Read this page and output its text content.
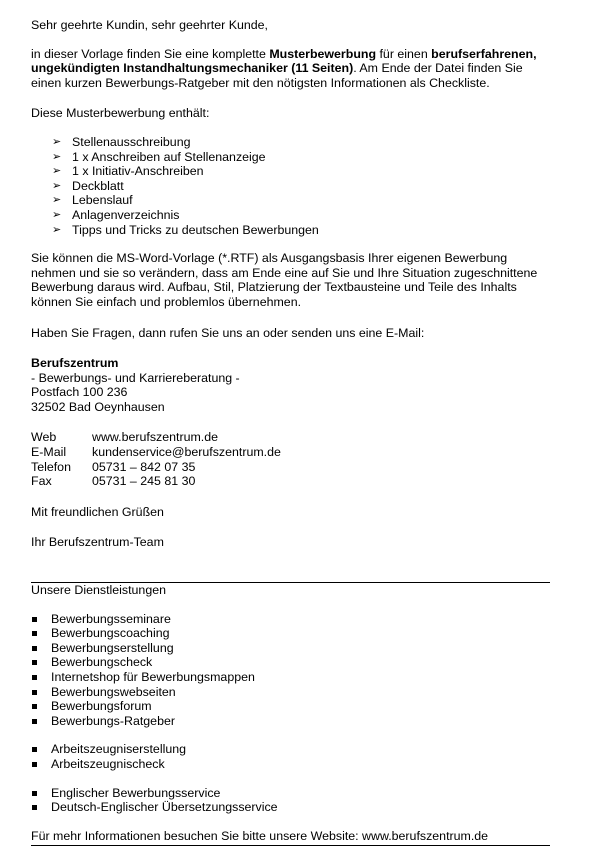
Sehr geehrte Kundin, sehr geehrter Kunde,

in dieser Vorlage finden Sie eine komplette Musterbewerbung für einen berufserfahrenen, ungekündigten Instandhaltungsmechaniker (11 Seiten). Am Ende der Datei finden Sie einen kurzen Bewerbungs-Ratgeber mit den nötigsten Informationen als Checkliste.

Diese Musterbewerbung enthält:

➢ Stellenausschreibung
➢ 1 x Anschreiben auf Stellenanzeige
➢ 1 x Initiativ-Anschreiben
➢ Deckblatt
➢ Lebenslauf
➢ Anlagenverzeichnis
➢ Tipps und Tricks zu deutschen Bewerbungen

Sie können die MS-Word-Vorlage (*.RTF) als Ausgangsbasis Ihrer eigenen Bewerbung nehmen und sie so verändern, dass am Ende eine auf Sie und Ihre Situation zugeschnittene Bewerbung daraus wird. Aufbau, Stil, Platzierung der Textbausteine und Teile des Inhalts können Sie einfach und problemlos übernehmen.

Haben Sie Fragen, dann rufen Sie uns an oder senden uns eine E-Mail:

Berufszentrum

- Bewerbungs- und Karriereberatung -

Postfach 100 236

32502 Bad Oeynhausen

Web	www.berufszentrum.de
E-Mail	kundenservice@berufszentrum.de
Telefon	05731 – 842 07 35
Fax	05731 – 245 81 30

Mit freundlichen Grüßen

Ihr Berufszentrum-Team

Unsere Dienstleistungen

Bewerbungsseminare
Bewerbungscoaching
Bewerbungserstellung
Bewerbungscheck
Internetshop für Bewerbungsmappen
Bewerbungswebseiten
Bewerbungsforum
Bewerbungs-Ratgeber
Arbeitszeugniserstellung
Arbeitszeugnischeck
Englischer Bewerbungsservice
Deutsch-Englischer Übersetzungsservice

Für mehr Informationen besuchen Sie bitte unsere Website: www.berufszentrum.de
